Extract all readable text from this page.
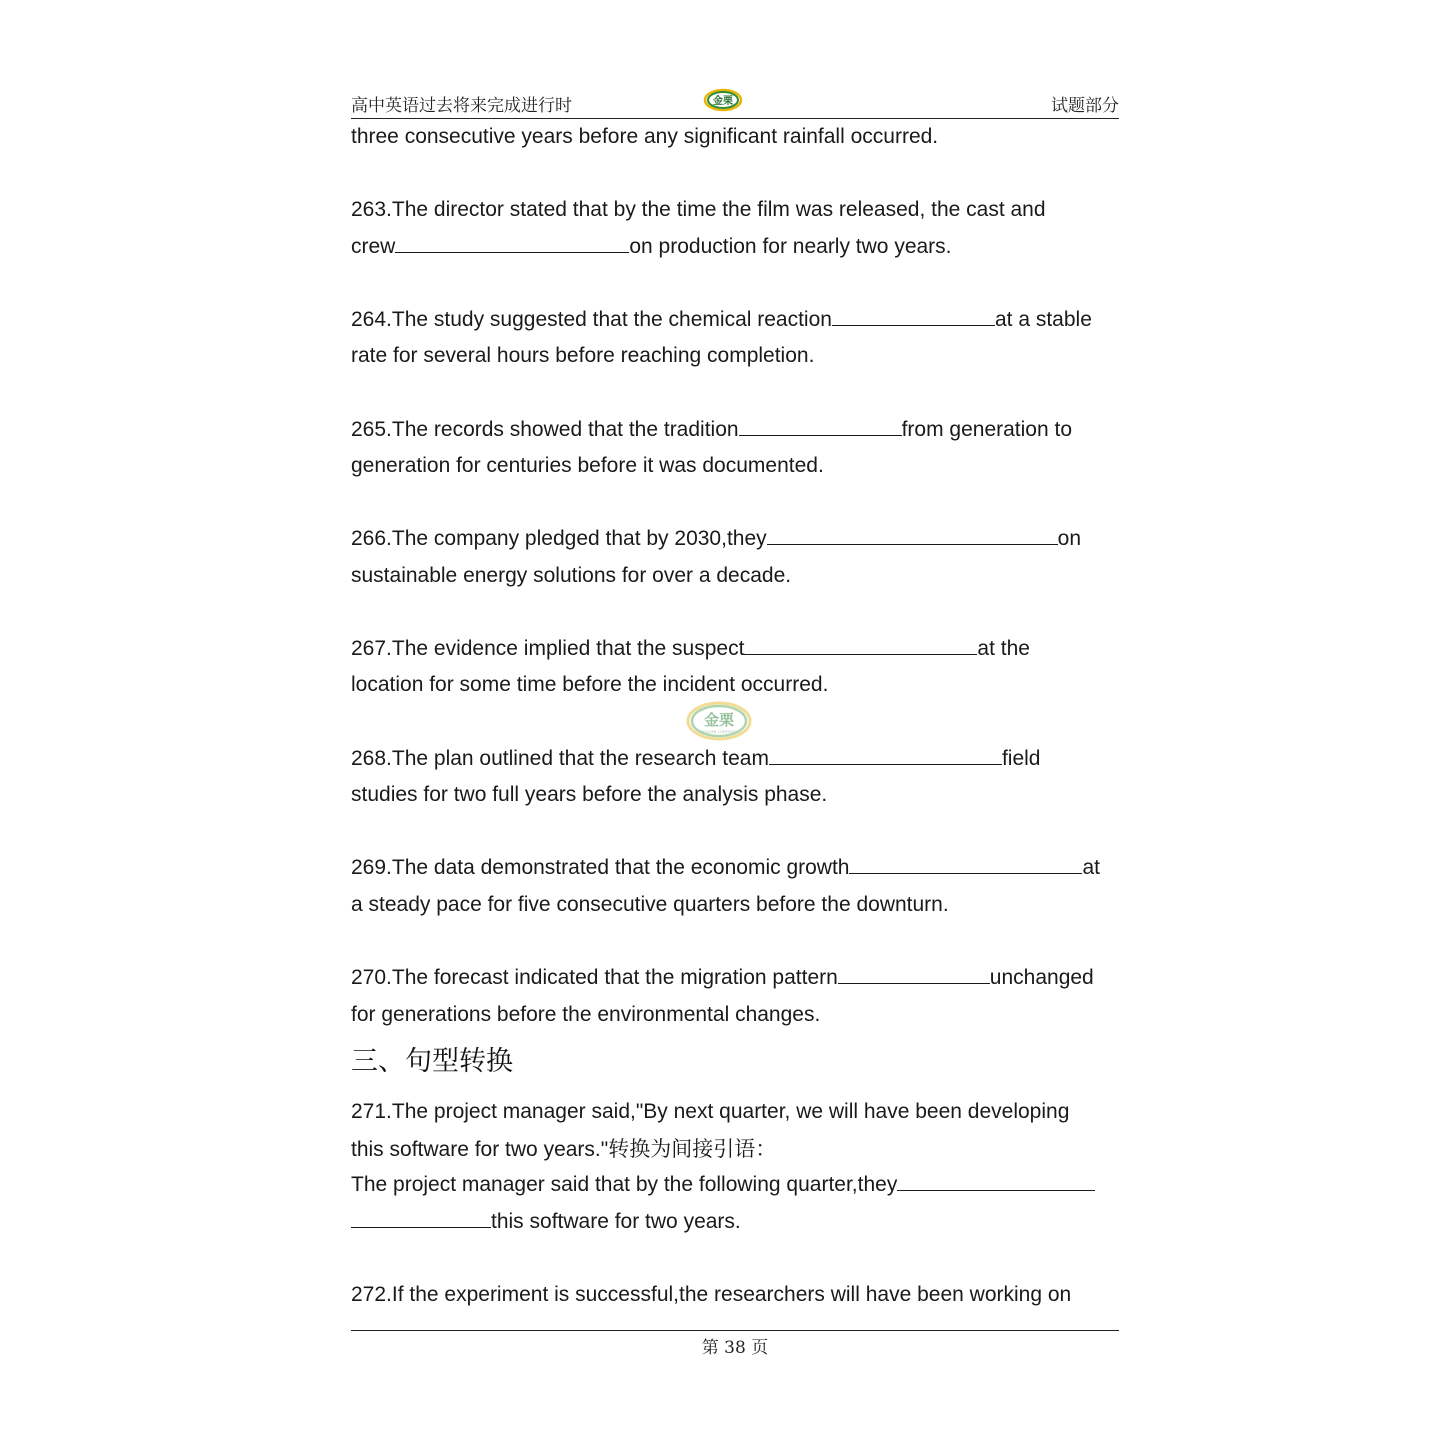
高中英语过去将来完成进行时	金栗	试题部分
three consecutive years before any significant rainfall occurred.
263.The director stated that by the time the film was released, the cast and
crew	on production for nearly two years.
264.The study suggested that the chemical reaction	at a stable
rate for several hours before reaching completion.
265.The records showed that the tradition	from generation to
generation for centuries before it was documented.
266.The company pledged that by 2030,they	on
sustainable energy solutions for over a decade.
267.The evidence implied that the suspect	at the
location for some time before the incident occurred.
268.The plan outlined that the research team	field
studies for two full years before the analysis phase.
269.The data demonstrated that the economic growth	at
a steady pace for five consecutive quarters before the downturn.
270.The forecast indicated that the migration pattern	unchanged
for generations before the environmental changes.
三、句型转换
271.The project manager said,"By next quarter, we will have been developing
this software for two years."转换为间接引语：
The project manager said that by the following quarter,they
this software for two years.
272.If the experiment is successful,the researchers will have been working on
金栗
GOLDEN CHESTNUT
第 38 页
